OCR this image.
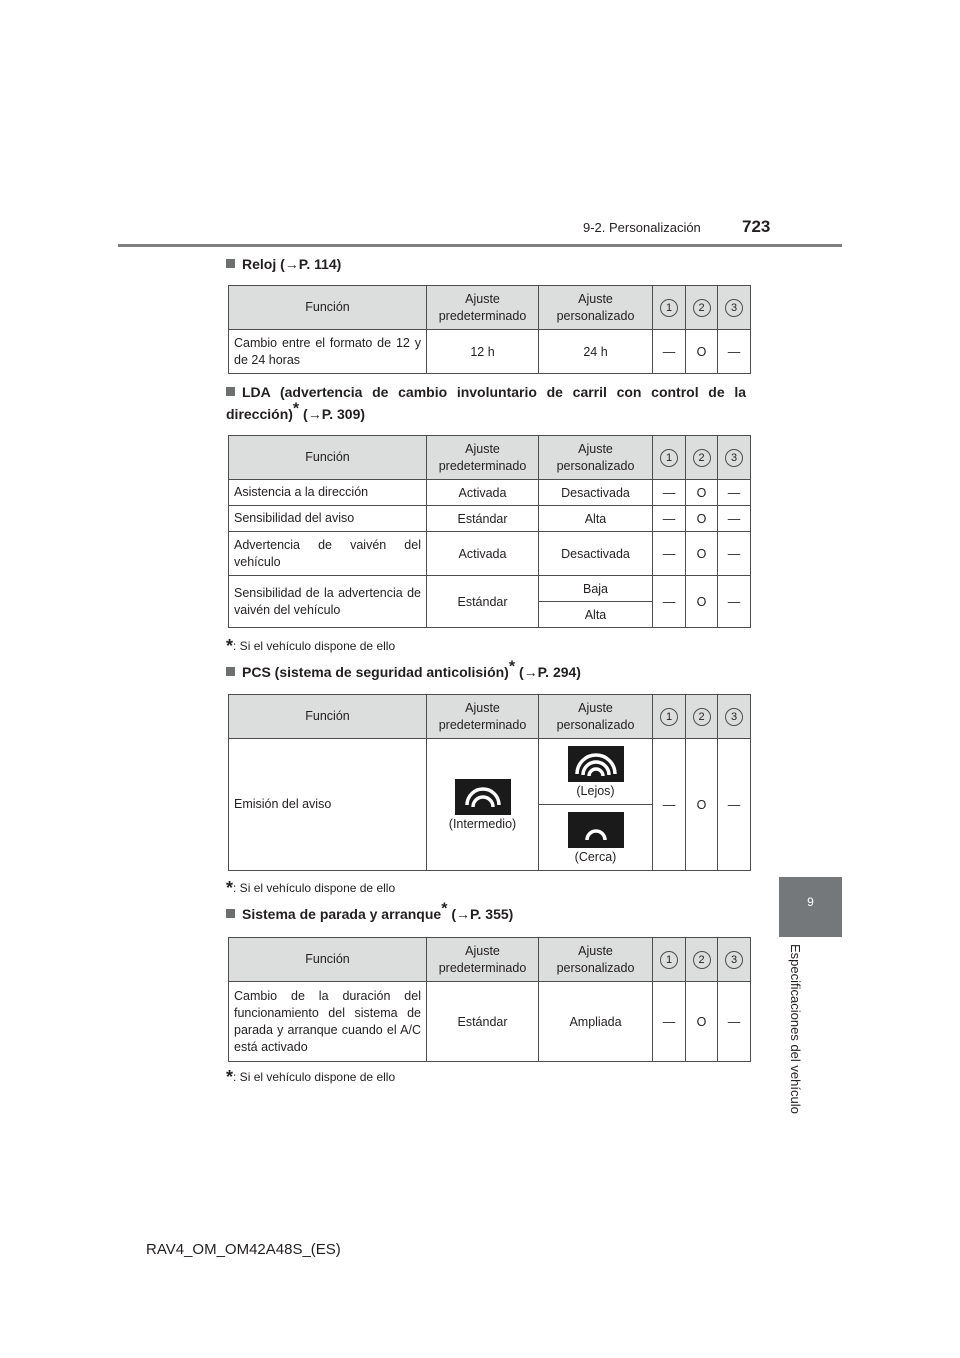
9-2. Personalización 723
9
Especificaciones del vehículo
Reloj (→P. 114)
Función	Ajuste predeterminado	Ajuste personalizado	1	2	3
Cambio entre el formato de 12 y de 24 horas	12 h	24 h	—	O	—
LDA (advertencia de cambio involuntario de carril con control de la dirección)* (→P. 309)
Función	Ajuste predeterminado	Ajuste personalizado	1	2	3
Asistencia a la dirección	Activada	Desactivada	—	O	—
Sensibilidad del aviso	Estándar	Alta	—	O	—
Advertencia de vaivén del vehículo	Activada	Desactivada	—	O	—
Sensibilidad de la advertencia de vaivén del vehículo	Estándar	Baja	—	O	—
		Alta			
*: Si el vehículo dispone de ello
PCS (sistema de seguridad anticolisión)* (→P. 294)
Función	Ajuste predeterminado	Ajuste personalizado	1	2	3
Emisión del aviso	(Intermedio)	(Lejos)	—	O	—

		(Cerca)			
*: Si el vehículo dispone de ello
Sistema de parada y arranque* (→P. 355)
Función	Ajuste predeterminado	Ajuste personalizado	1	2	3
Cambio de la duración del funcionamiento del sistema de parada y arranque cuando el A/C está activado	Estándar	Ampliada	—	O	—
*: Si el vehículo dispone de ello
RAV4_OM_OM42A48S_(ES)
